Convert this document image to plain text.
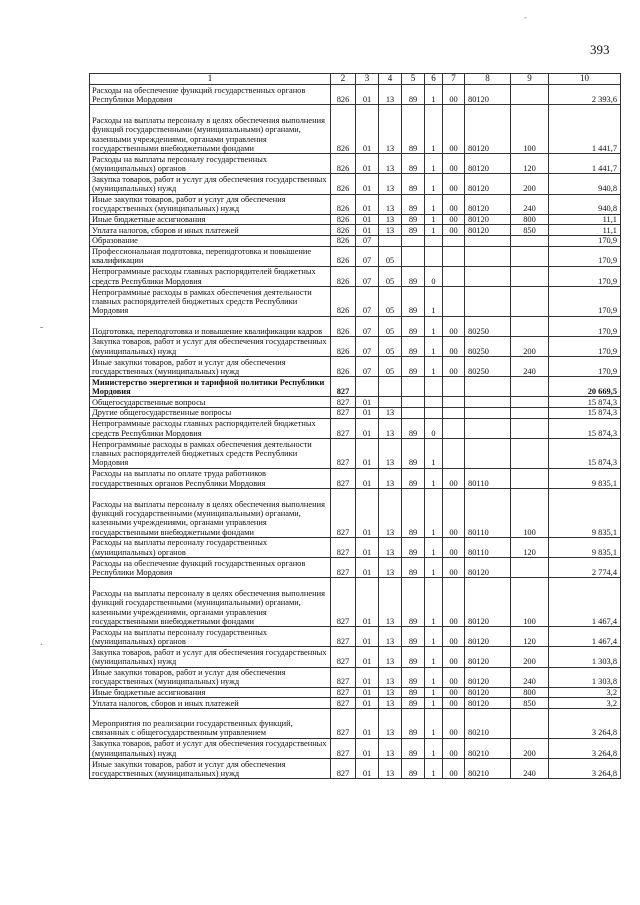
-
393
-
·
1	2	3	4	5	6	7	8	9	10
Расходы на обеспечение функций государственных органов Республики Мордовия	826	01	13	89	1	00	80120		2 393,6
Расходы на выплаты персоналу в целях обеспечения выполнения функций государственными (муниципальными) органами, казенными учреждениями, органами управления государственными внебюджетными фондами	826	01	13	89	1	00	80120	100	1 441,7
Расходы на выплаты персоналу государственных (муниципальных) органов	826	01	13	89	1	00	80120	120	1 441,7
Закупка товаров, работ и услуг для обеспечения государственных (муниципальных) нужд	826	01	13	89	1	00	80120	200	940,8
Иные закупки товаров, работ и услуг для обеспечения государственных (муниципальных) нужд	826	01	13	89	1	00	80120	240	940,8
Иные бюджетные ассигнования	826	01	13	89	1	00	80120	800	11,1
Уплата налогов, сборов и иных платежей	826	01	13	89	1	00	80120	850	11,1
Образование	826	07							170,9
Профессиональная подготовка, переподготовка и повышение квалификации	826	07	05						170,9
Непрограммные расходы главных распорядителей бюджетных средств Республики Мордовия	826	07	05	89	0				170,9
Непрограммные расходы в рамках обеспечения деятельности главных распорядителей бюджетных средств Республики Мордовия	826	07	05	89	1				170,9
Подготовка, переподготовка и повышение квалификации кадров	826	07	05	89	1	00	80250		170,9
Закупка товаров, работ и услуг для обеспечения государственных (муниципальных) нужд	826	07	05	89	1	00	80250	200	170,9
Иные закупки товаров, работ и услуг для обеспечения государственных (муниципальных) нужд	826	07	05	89	1	00	80250	240	170,9
Министерство энергетики и тарифной политики Республики Мордовия	827								20 669,5
Общегосударственные вопросы	827	01							15 874,3
Другие общегосударственные вопросы	827	01	13						15 874,3
Непрограммные расходы главных распорядителей бюджетных средств Республики Мордовия	827	01	13	89	0				15 874,3
Непрограммные расходы в рамках обеспечения деятельности главных распорядителей бюджетных средств Республики Мордовия	827	01	13	89	1				15 874,3
Расходы на выплаты по оплате труда работников государственных органов Республики Мордовия	827	01	13	89	1	00	80110		9 835,1
Расходы на выплаты персоналу в целях обеспечения выполнения функций государственными (муниципальными) органами, казенными учреждениями, органами управления государственными внебюджетными фондами	827	01	13	89	1	00	80110	100	9 835,1
Расходы на выплаты персоналу государственных (муниципальных) органов	827	01	13	89	1	00	80110	120	9 835,1
Расходы на обеспечение функций государственных органов Республики Мордовия	827	01	13	89	1	00	80120		2 774,4
Расходы на выплаты персоналу в целях обеспечения выполнения функций государственными (муниципальными) органами, казенными учреждениями, органами управления государственными внебюджетными фондами	827	01	13	89	1	00	80120	100	1 467,4
Расходы на выплаты персоналу государственных (муниципальных) органов	827	01	13	89	1	00	80120	120	1 467,4
Закупка товаров, работ и услуг для обеспечения государственных (муниципальных) нужд	827	01	13	89	1	00	80120	200	1 303,8
Иные закупки товаров, работ и услуг для обеспечения государственных (муниципальных) нужд	827	01	13	89	1	00	80120	240	1 303,8
Иные бюджетные ассигнования	827	01	13	89	1	00	80120	800	3,2
Уплата налогов, сборов и иных платежей	827	01	13	89	1	00	80120	850	3,2
Мероприятия по реализации государственных функций, связанных с общегосударственным управлением	827	01	13	89	1	00	80210		3 264,8
Закупка товаров, работ и услуг для обеспечения государственных (муниципальных) нужд	827	01	13	89	1	00	80210	200	3 264,8
Иные закупки товаров, работ и услуг для обеспечения государственных (муниципальных) нужд	827	01	13	89	1	00	80210	240	3 264,8
